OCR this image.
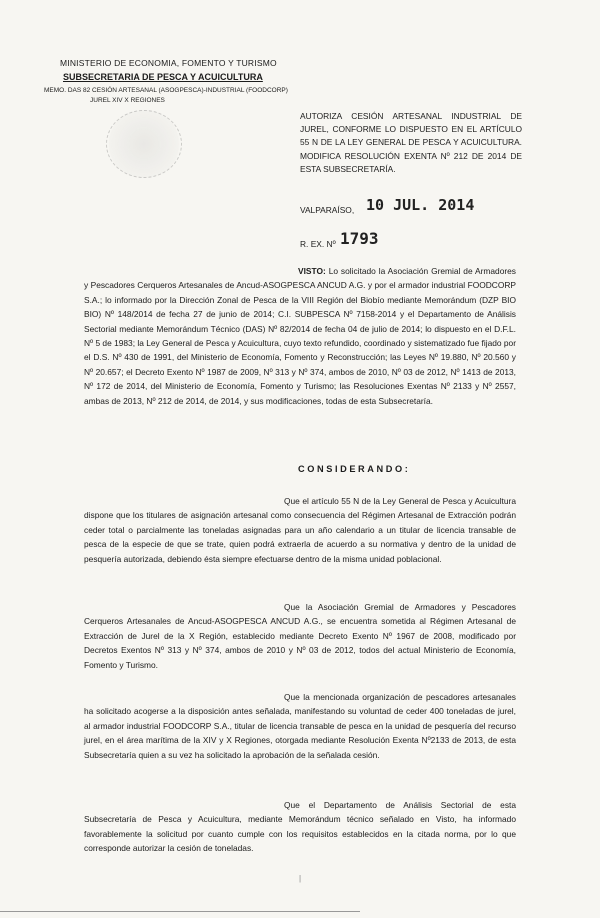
MINISTERIO DE ECONOMIA, FOMENTO Y TURISMO
SUBSECRETARIA DE PESCA Y ACUICULTURA
MEMO. DAS 82 CESIÓN ARTESANAL (ASOGPESCA)-INDUSTRIAL (FOODCORP)
JUREL XIV X REGIONES
AUTORIZA CESIÓN ARTESANAL INDUSTRIAL DE JUREL, CONFORME LO DISPUESTO EN EL ARTÍCULO 55 N DE LA LEY GENERAL DE PESCA Y ACUICULTURA. MODIFICA RESOLUCIÓN EXENTA Nº 212 DE 2014 DE ESTA SUBSECRETARÍA.
VALPARAÍSO, 10 JUL. 2014
R. EX. Nº 1793
VISTO: Lo solicitado la Asociación Gremial de Armadores y Pescadores Cerqueros Artesanales de Ancud-ASOGPESCA ANCUD A.G. y por el armador industrial FOODCORP S.A.; lo informado por la Dirección Zonal de Pesca de la VIII Región del Biobío mediante Memorándum (DZP BIO BIO) Nº 148/2014 de fecha 27 de junio de 2014; C.I. SUBPESCA Nº 7158-2014 y el Departamento de Análisis Sectorial mediante Memorándum Técnico (DAS) Nº 82/2014 de fecha 04 de julio de 2014; lo dispuesto en el D.F.L. Nº 5 de 1983; la Ley General de Pesca y Acuicultura, cuyo texto refundido, coordinado y sistematizado fue fijado por el D.S. Nº 430 de 1991, del Ministerio de Economía, Fomento y Reconstrucción; las Leyes Nº 19.880, Nº 20.560 y Nº 20.657; el Decreto Exento Nº 1987 de 2009, Nº 313 y Nº 374, ambos de 2010, Nº 03 de 2012, Nº 1413 de 2013, Nº 172 de 2014, del Ministerio de Economía, Fomento y Turismo; las Resoluciones Exentas Nº 2133 y Nº 2557, ambas de 2013, Nº 212 de 2014, de 2014, y sus modificaciones, todas de esta Subsecretaría.
CONSIDERANDO:
Que el artículo 55 N de la Ley General de Pesca y Acuicultura dispone que los titulares de asignación artesanal como consecuencia del Régimen Artesanal de Extracción podrán ceder total o parcialmente las toneladas asignadas para un año calendario a un titular de licencia transable de pesca de la especie de que se trate, quien podrá extraerla de acuerdo a su normativa y dentro de la unidad de pesquería autorizada, debiendo ésta siempre efectuarse dentro de la misma unidad poblacional.
Que la Asociación Gremial de Armadores y Pescadores Cerqueros Artesanales de Ancud-ASOGPESCA ANCUD A.G., se encuentra sometida al Régimen Artesanal de Extracción de Jurel de la X Región, establecido mediante Decreto Exento Nº 1967 de 2008, modificado por Decretos Exentos Nº 313 y Nº 374, ambos de 2010 y Nº 03 de 2012, todos del actual Ministerio de Economía, Fomento y Turismo.
Que la mencionada organización de pescadores artesanales ha solicitado acogerse a la disposición antes señalada, manifestando su voluntad de ceder 400 toneladas de jurel, al armador industrial FOODCORP S.A., titular de licencia transable de pesca en la unidad de pesquería del recurso jurel, en el área marítima de la XIV y X Regiones, otorgada mediante Resolución Exenta Nº2133 de 2013, de esta Subsecretaría quien a su vez ha solicitado la aprobación de la señalada cesión.
Que el Departamento de Análisis Sectorial de esta Subsecretaría de Pesca y Acuicultura, mediante Memorándum técnico señalado en Visto, ha informado favorablemente la solicitud por cuanto cumple con los requisitos establecidos en la citada norma, por lo que corresponde autorizar la cesión de toneladas.
|
